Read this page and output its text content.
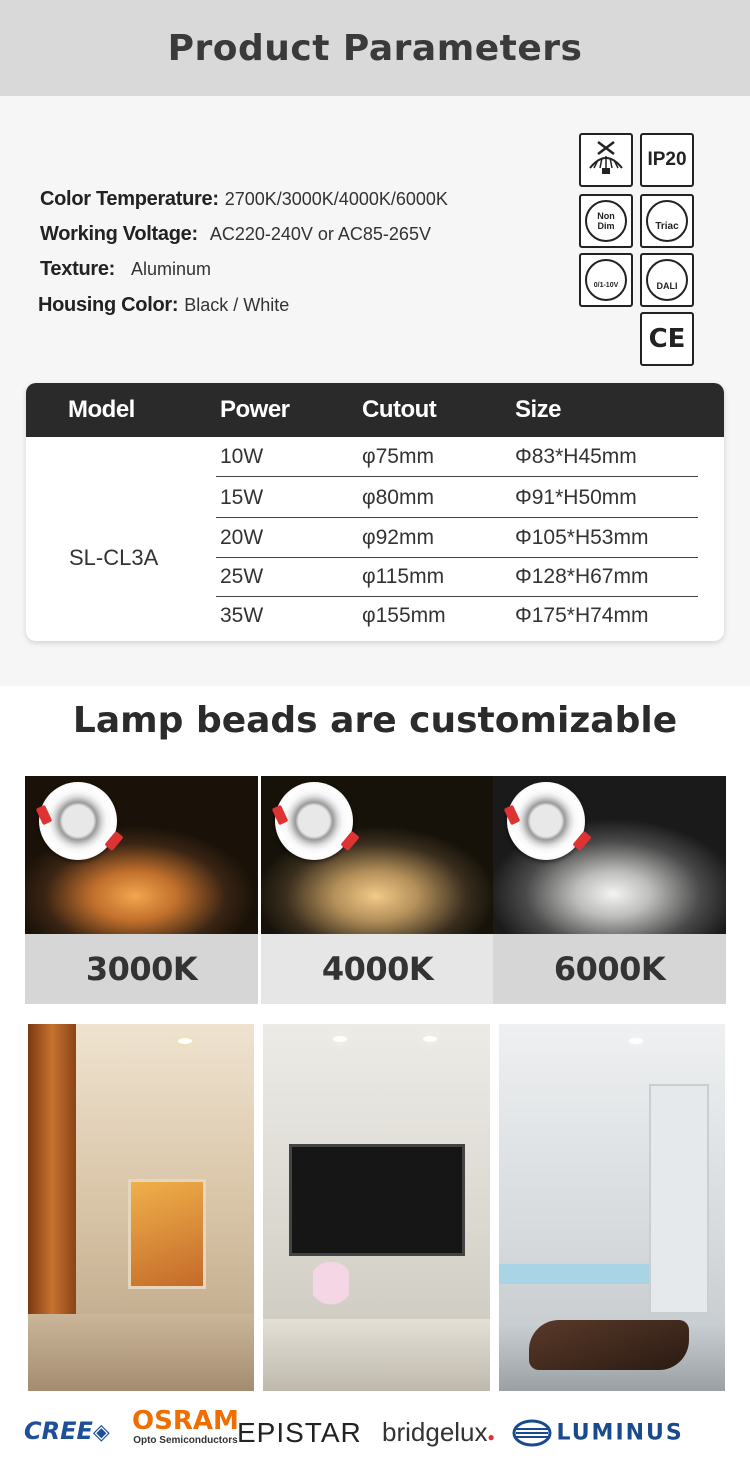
Product Parameters
Color Temperature: 2700K/3000K/4000K/6000K
Working Voltage: AC220-240V or AC85-265V
Texture: Aluminum
Housing Color: Black / White
IP20
Non
Dim	Triac
0/1-10V	DALI
CE
Model	Power	Cutout	Size
SL-CL3A
10W	φ75mm	Φ83*H45mm
15W	φ80mm	Φ91*H50mm
20W	φ92mm	Φ105*H53mm
25W	φ115mm	Φ128*H67mm
35W	φ155mm	Φ175*H74mm
Lamp beads are customizable
3000K	4000K	6000K
CREE◈ OSRAM
Opto Semiconductors EPISTAR bridgelux●	LUMINUS
